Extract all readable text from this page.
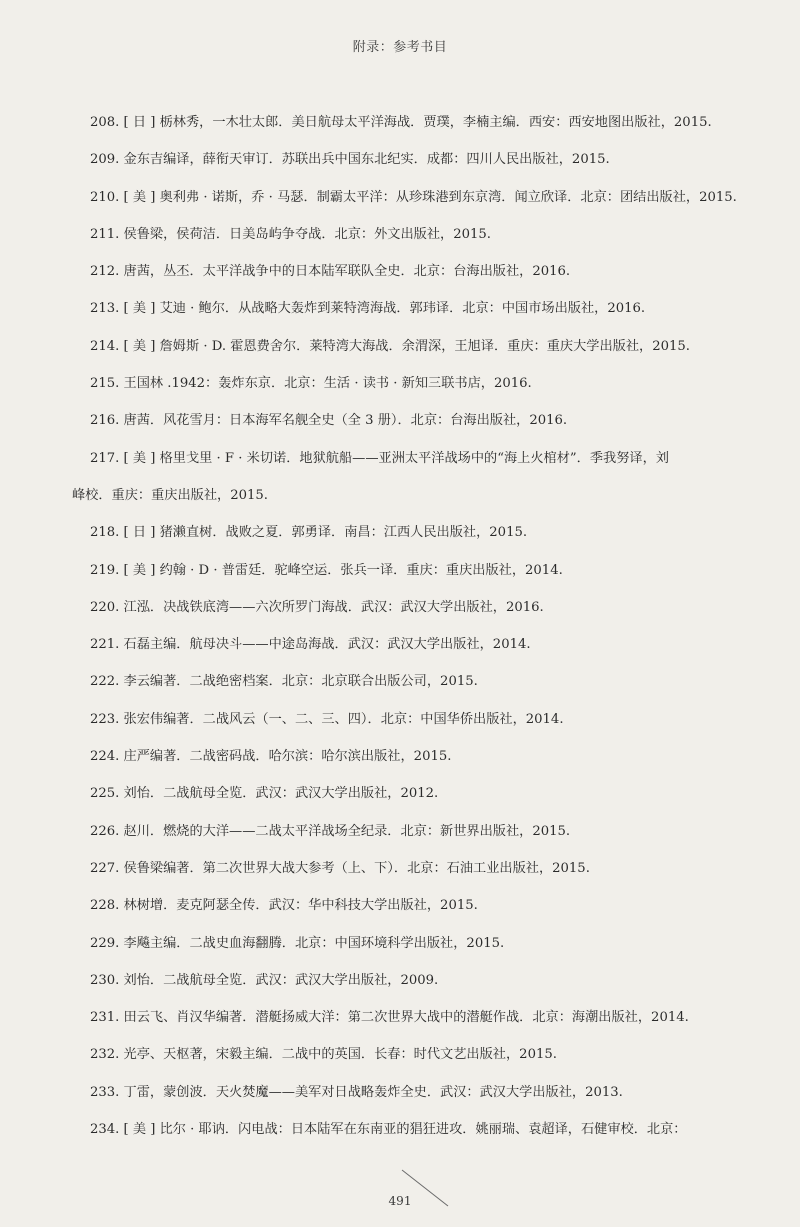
附录：参考书目
208. [ 日 ] 栃林秀，一木壮太郎．美日航母太平洋海战．贾璞，李楠主编．西安：西安地图出版社，2015.
209. 金东吉编译，薛衔天审订．苏联出兵中国东北纪实．成都：四川人民出版社，2015.
210. [ 美 ] 奥利弗 · 诺斯，乔 · 马瑟．制霸太平洋：从珍珠港到东京湾．闻立欣译．北京：团结出版社，2015.
211. 侯鲁梁，侯荷洁．日美岛屿争夺战．北京：外文出版社，2015.
212. 唐茜，丛丕．太平洋战争中的日本陆军联队全史．北京：台海出版社，2016.
213. [ 美 ] 艾迪 · 鲍尔．从战略大轰炸到莱特湾海战．郭玮译．北京：中国市场出版社，2016.
214. [ 美 ] 詹姆斯 · D. 霍恩费舍尔．莱特湾大海战．余渭深，王旭译．重庆：重庆大学出版社，2015.
215. 王国林 .1942：轰炸东京．北京：生活 · 读书 · 新知三联书店，2016.
216. 唐茜．风花雪月：日本海军名舰全史（全 3 册）．北京：台海出版社，2016.
217. [ 美 ] 格里戈里 · F · 米切诺．地狱航船——亚洲太平洋战场中的“海上火棺材”．季我努译，刘
峰校．重庆：重庆出版社，2015.
218. [ 日 ] 猪濑直树．战败之夏．郭勇译．南昌：江西人民出版社，2015.
219. [ 美 ] 约翰 · D · 普雷廷．驼峰空运．张兵一译．重庆：重庆出版社，2014.
220. 江泓．决战铁底湾——六次所罗门海战．武汉：武汉大学出版社，2016.
221. 石磊主编．航母决斗——中途岛海战．武汉：武汉大学出版社，2014.
222. 李云编著．二战绝密档案．北京：北京联合出版公司，2015.
223. 张宏伟编著．二战风云（一、二、三、四）．北京：中国华侨出版社，2014.
224. 庄严编著．二战密码战．哈尔滨：哈尔滨出版社，2015.
225. 刘怡．二战航母全览．武汉：武汉大学出版社，2012.
226. 赵川．燃烧的大洋——二战太平洋战场全纪录．北京：新世界出版社，2015.
227. 侯鲁梁编著．第二次世界大战大参考（上、下）．北京：石油工业出版社，2015.
228. 林树增．麦克阿瑟全传．武汉：华中科技大学出版社，2015.
229. 李飚主编．二战史血海翻腾．北京：中国环境科学出版社，2015.
230. 刘怡．二战航母全览．武汉：武汉大学出版社，2009.
231. 田云飞、肖汉华编著．潜艇扬威大洋：第二次世界大战中的潜艇作战．北京：海潮出版社，2014.
232. 光亭、天枢著，宋毅主编．二战中的英国．长春：时代文艺出版社，2015.
233. 丁雷，蒙创波．天火焚魔——美军对日战略轰炸全史．武汉：武汉大学出版社，2013.
234. [ 美 ] 比尔 · 耶讷．闪电战：日本陆军在东南亚的猖狂进攻．姚丽瑞、袁超译，石健审校．北京：
491
